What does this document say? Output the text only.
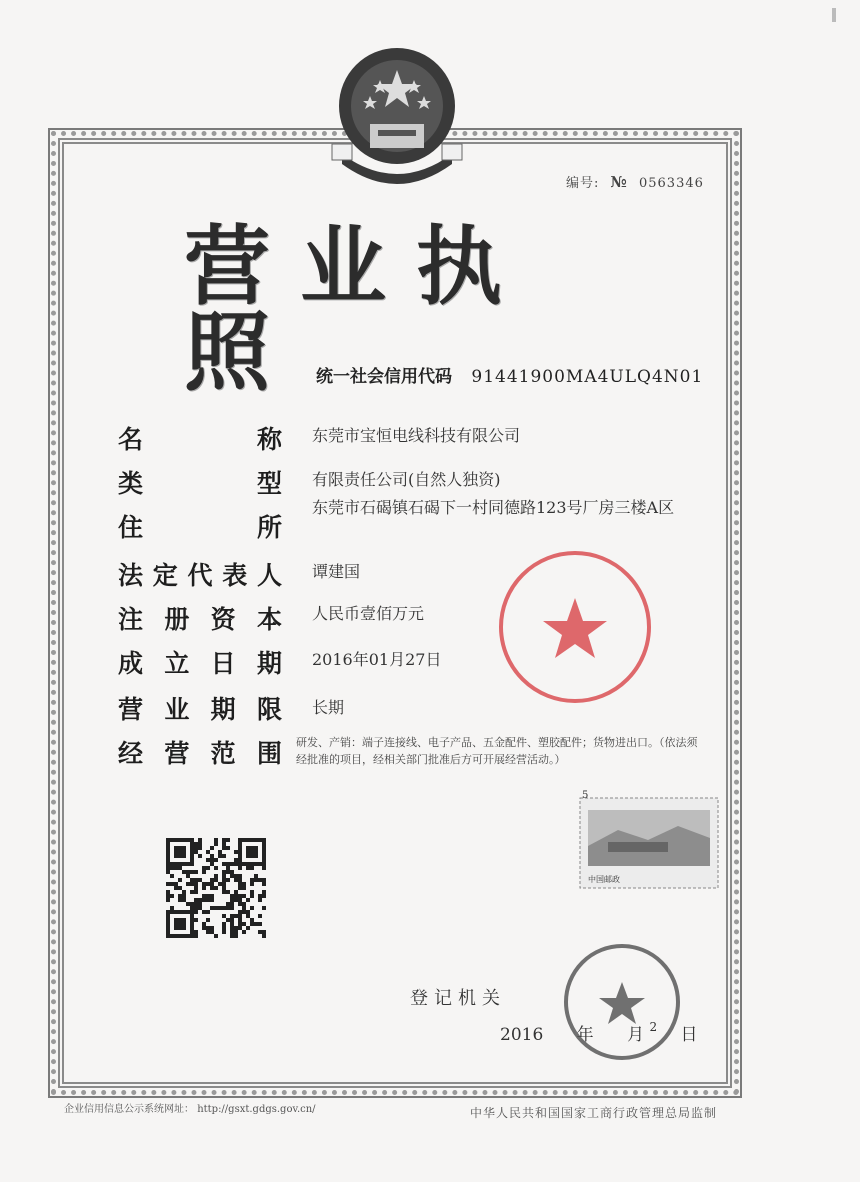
编号: № 0563346
营业执照 统一社会信用代码 91441900MA4ULQ4N01
名	称 东莞市宝恒电线科技有限公司
类	型 有限责任公司(自然人独资)
住	所
东莞市石碣镇石碣下一村同德路123号厂房三楼A区
法 定 代 表 人 谭建国
注 册 资 本 人民币壹佰万元
成 立 日 期 2016年01月27日
营 业 期 限 长期
经 营 范 围 研发、产销：端子连接线、电子产品、五金配件、塑胶配件；货物进出口。（依法须经批准的项目，经相关部门批准后方可开展经营活动。）
5
中国邮政
登记机关
2016 年 月 $^2$ 日
企业信用信息公示系统网址： http://gsxt.gdgs.gov.cn/	中华人民共和国国家工商行政管理总局监制
